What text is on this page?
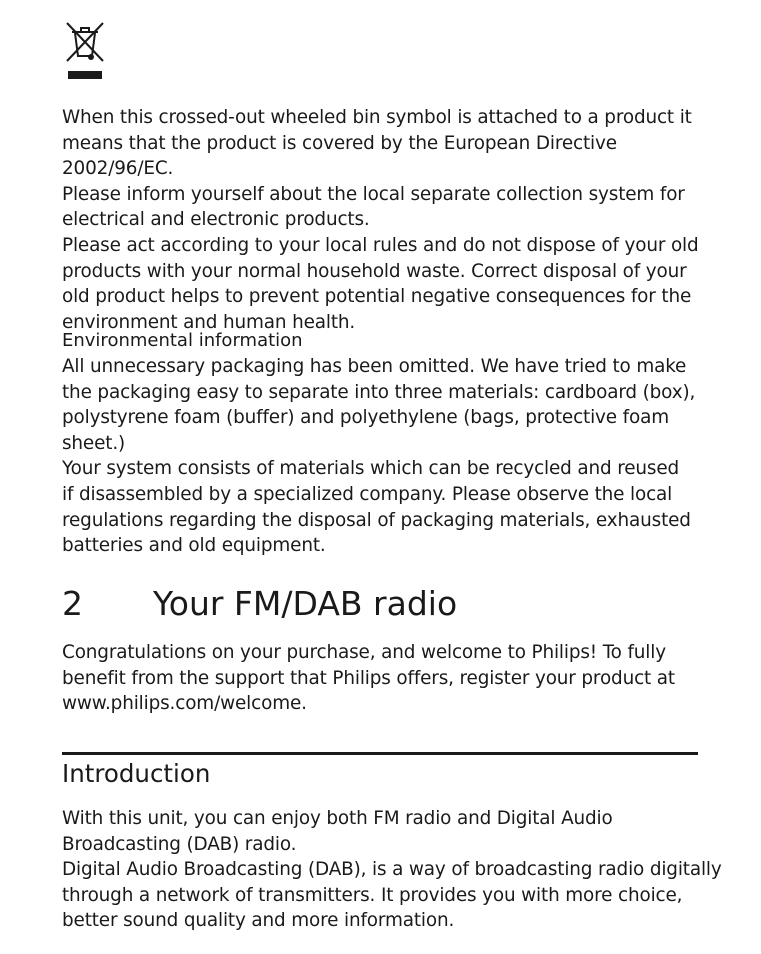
When this crossed-out wheeled bin symbol is attached to a product it
means that the product is covered by the European Directive 2002/96/EC.
Please inform yourself about the local separate collection system for
electrical and electronic products.
Please act according to your local rules and do not dispose of your old
products with your normal household waste. Correct disposal of your
old product helps to prevent potential negative consequences for the
environment and human health.

Environmental information

All unnecessary packaging has been omitted. We have tried to make
the packaging easy to separate into three materials: cardboard (box),
polystyrene foam (buffer) and polyethylene (bags, protective foam
sheet.)
Your system consists of materials which can be recycled and reused
if disassembled by a specialized company. Please observe the local
regulations regarding the disposal of packaging materials, exhausted
batteries and old equipment.

2 Your FM/DAB radio

Congratulations on your purchase, and welcome to Philips! To fully
benefit from the support that Philips offers, register your product at
www.philips.com/welcome.

Introduction

With this unit, you can enjoy both FM radio and Digital Audio
Broadcasting (DAB) radio.
Digital Audio Broadcasting (DAB), is a way of broadcasting radio digitally
through a network of transmitters. It provides you with more choice,
better sound quality and more information.
